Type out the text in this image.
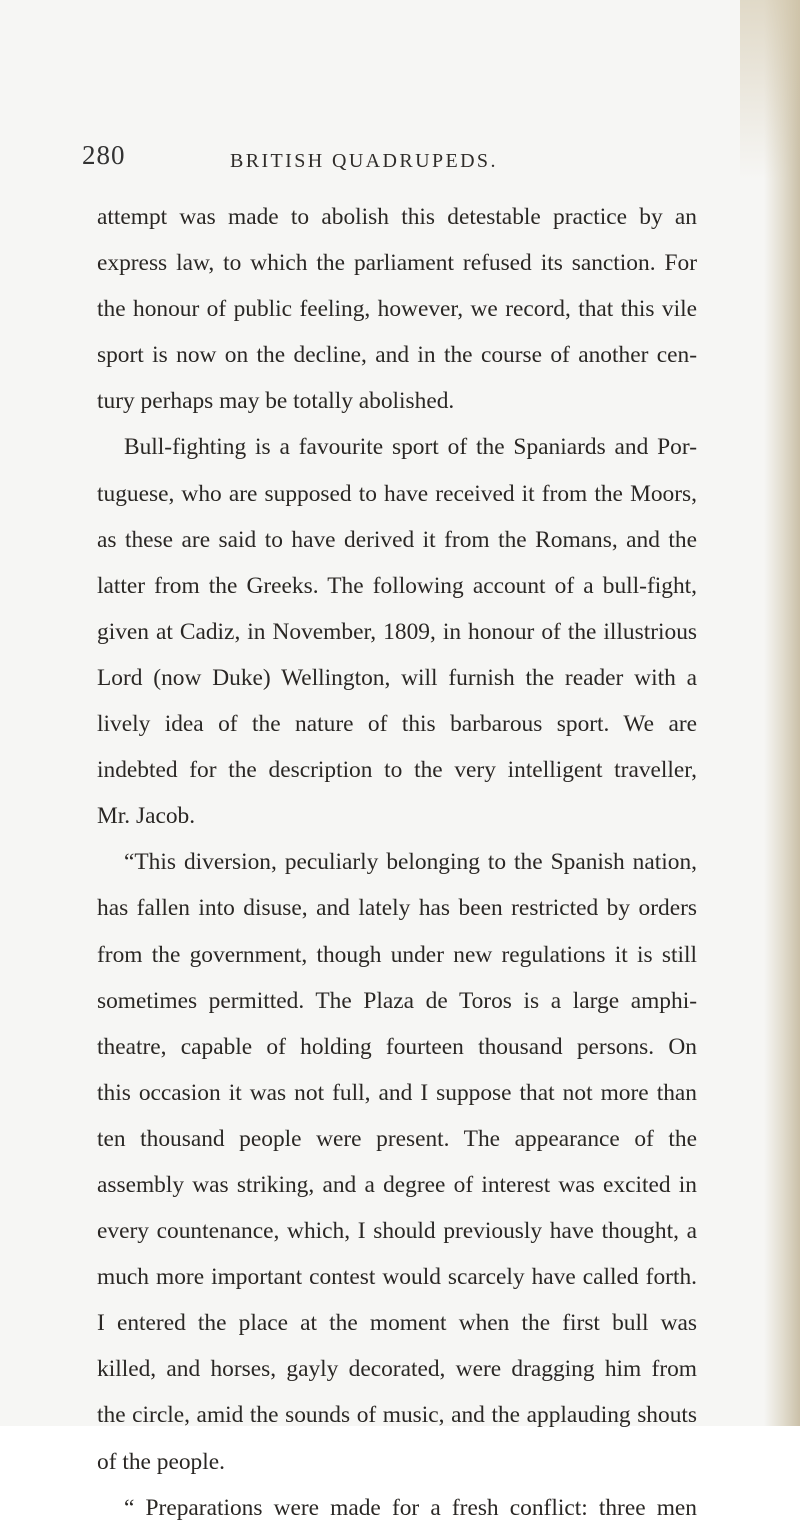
280	BRITISH QUADRUPEDS.
attempt was made to abolish this detestable practice by an
express law, to which the parliament refused its sanction. For
the honour of public feeling, however, we record, that this vile
sport is now on the decline, and in the course of another cen-
tury perhaps may be totally abolished.
Bull-fighting is a favourite sport of the Spaniards and Por-
tuguese, who are supposed to have received it from the Moors,
as these are said to have derived it from the Romans, and the
latter from the Greeks. The following account of a bull-fight,
given at Cadiz, in November, 1809, in honour of the illustrious
Lord (now Duke) Wellington, will furnish the reader with a
lively idea of the nature of this barbarous sport. We are
indebted for the description to the very intelligent traveller,
Mr. Jacob.
“This diversion, peculiarly belonging to the Spanish nation,
has fallen into disuse, and lately has been restricted by orders
from the government, though under new regulations it is still
sometimes permitted. The Plaza de Toros is a large amphi-
theatre, capable of holding fourteen thousand persons. On
this occasion it was not full, and I suppose that not more than
ten thousand people were present. The appearance of the
assembly was striking, and a degree of interest was excited in
every countenance, which, I should previously have thought, a
much more important contest would scarcely have called forth.
I entered the place at the moment when the first bull was
killed, and horses, gayly decorated, were dragging him from
the circle, amid the sounds of music, and the applauding shouts
of the people.
“ Preparations were made for a fresh conflict: three men
